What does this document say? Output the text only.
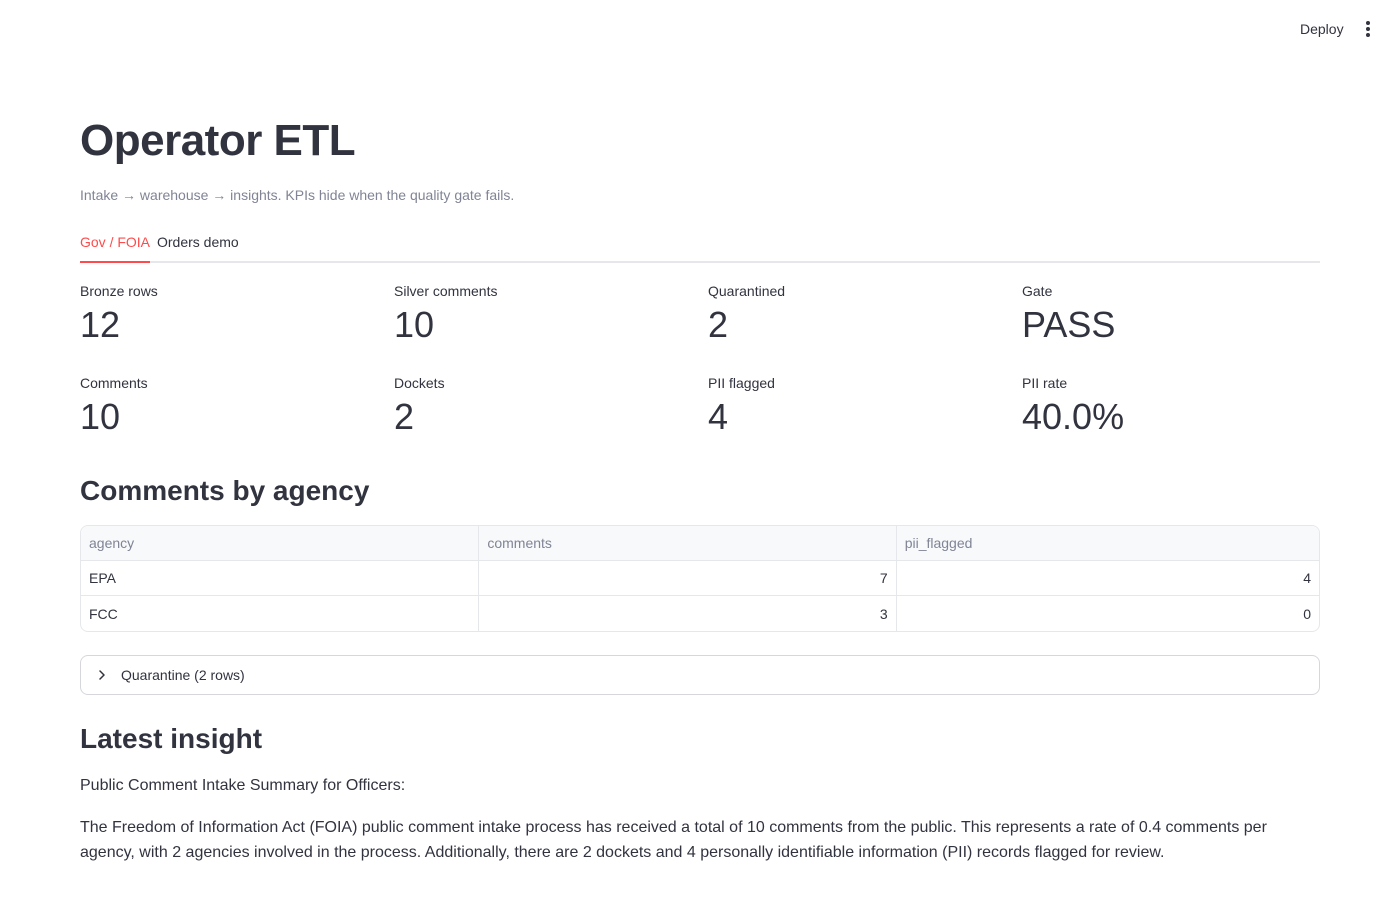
Deploy
Operator ETL
Intake → warehouse → insights. KPIs hide when the quality gate fails.
Gov / FOIA Orders demo
Bronze rows
12
Silver comments
10
Quarantined
2
Gate
PASS
Comments
10
Dockets
2
PII flagged
4
PII rate
40.0%
Comments by agency
agency	comments	pii_flagged
EPA	7	4
FCC	3	0
Quarantine (2 rows)
Latest insight

Public Comment Intake Summary for Officers:

The Freedom of Information Act (FOIA) public comment intake process has received a total of 10 comments from the public. This represents a rate of 0.4 comments per agency, with 2 agencies involved in the process. Additionally, there are 2 dockets and 4 personally identifiable information (PII) records flagged for review.
